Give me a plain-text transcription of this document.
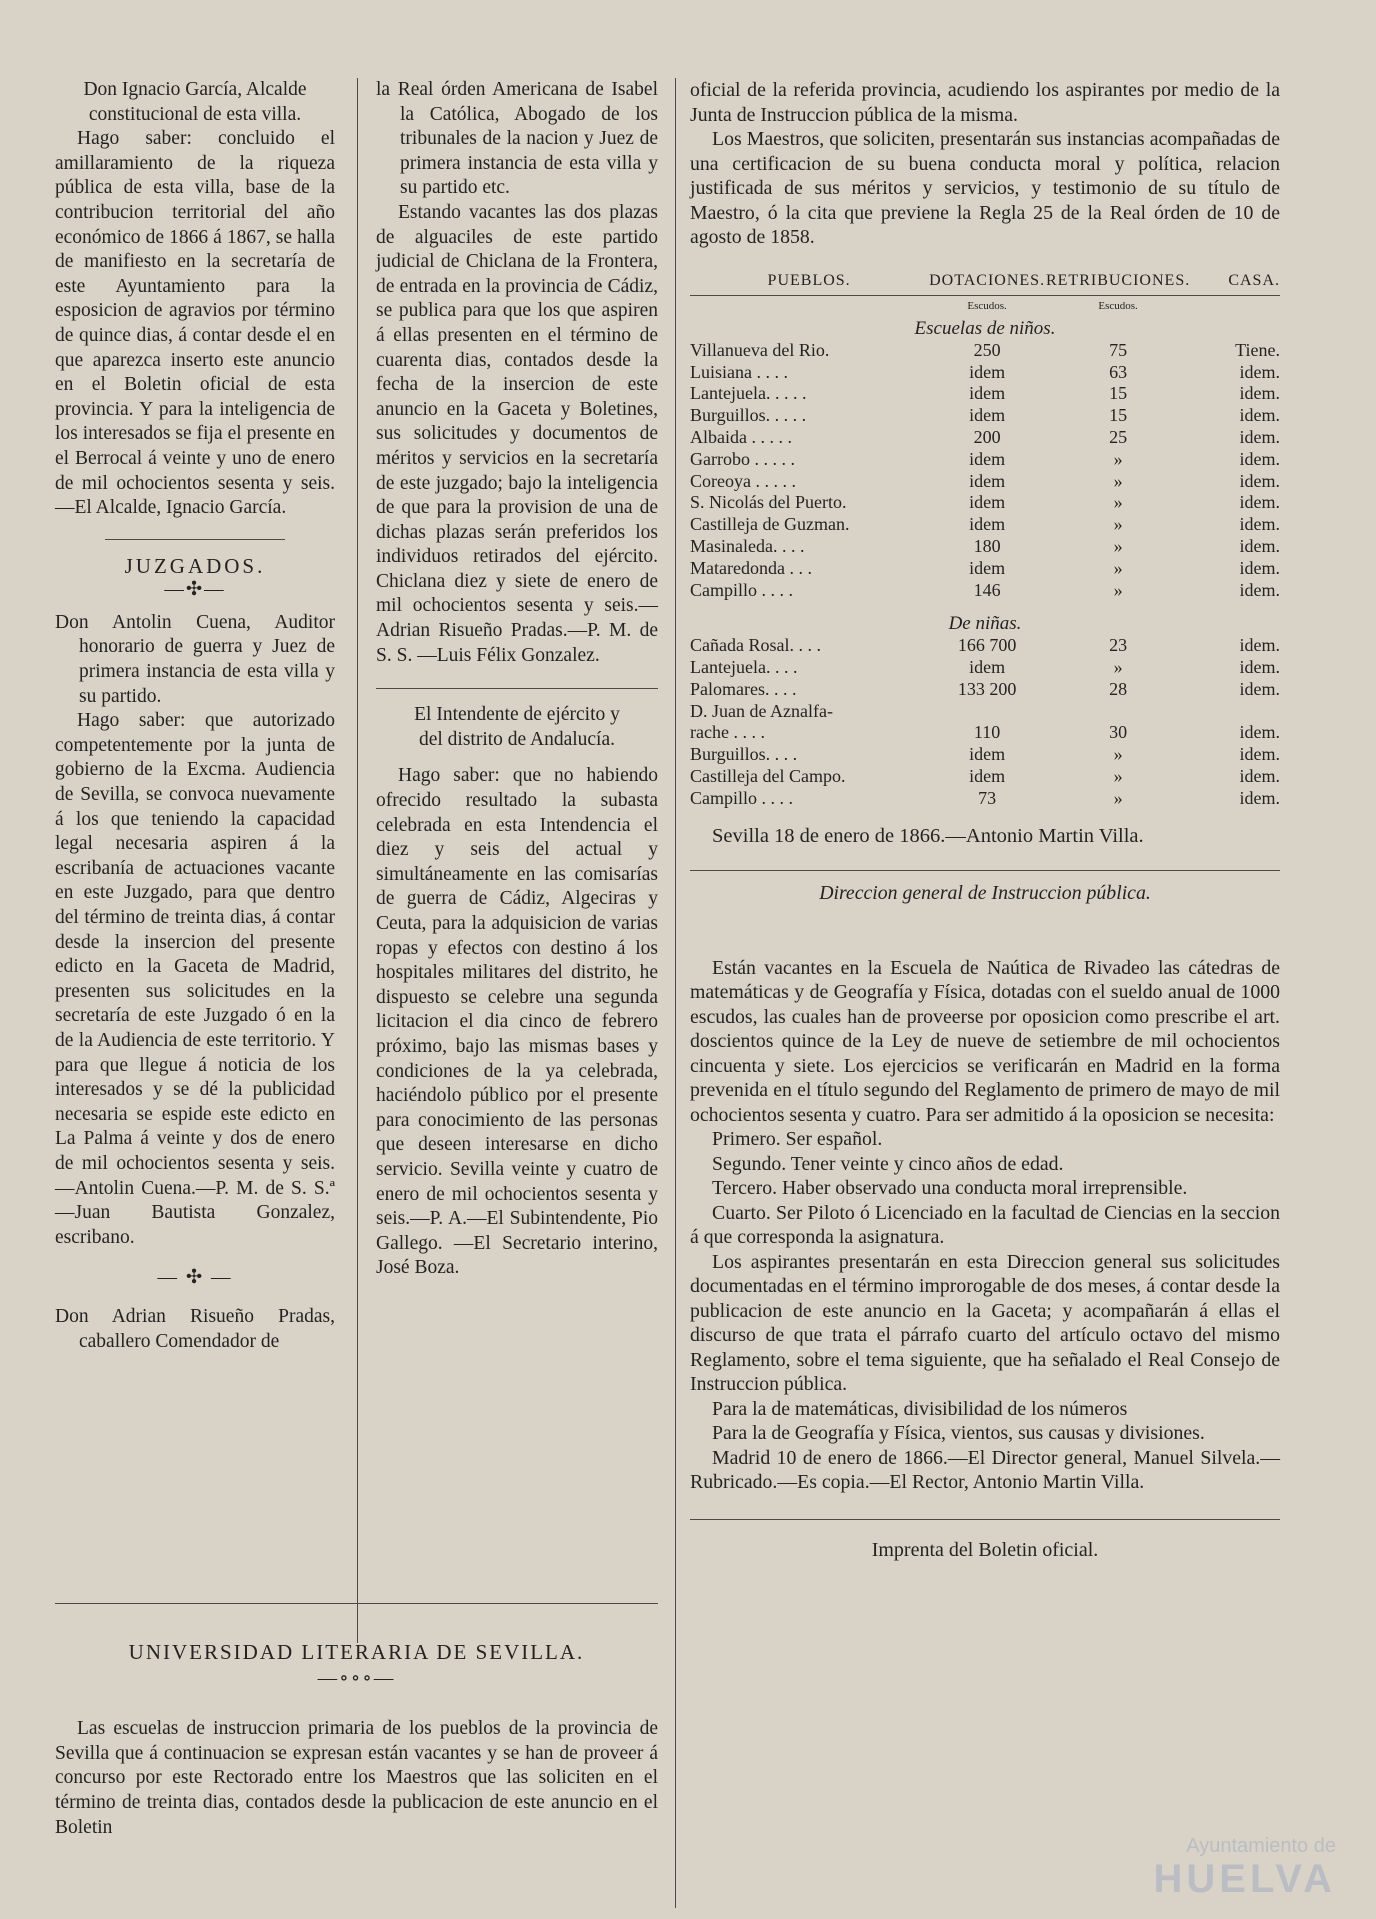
Don Ignacio García, Alcalde

constitucional de esta villa.

Hago saber: concluido el amillaramiento de la riqueza pública de esta villa, base de la contribucion territorial del año económico de 1866 á 1867, se halla de manifiesto en la secretaría de este Ayuntamiento para la esposicion de agravios por término de quince dias, á contar desde el en que aparezca inserto este anuncio en el Boletin oficial de esta provincia. Y para la inteligencia de los interesados se fija el presente en el Berrocal á veinte y uno de enero de mil ochocientos sesenta y seis.—El Alcalde, Ignacio García.

JUZGADOS.

—✣—

Don Antolin Cuena, Auditor honorario de guerra y Juez de primera instancia de esta villa y su partido.

Hago saber: que autorizado competentemente por la junta de gobierno de la Excma. Audiencia de Sevilla, se convoca nuevamente á los que teniendo la capacidad legal necesaria aspiren á la escribanía de actuaciones vacante en este Juzgado, para que dentro del término de treinta dias, á contar desde la insercion del presente edicto en la Gaceta de Madrid, presenten sus solicitudes en la secretaría de este Juzgado ó en la de la Audiencia de este territorio. Y para que llegue á noticia de los interesados y se dé la publicidad necesaria se espide este edicto en La Palma á veinte y dos de enero de mil ochocientos sesenta y seis.—Antolin Cuena.—P. M. de S. S.ª—Juan Bautista Gonzalez, escribano.

— ✣ —

Don Adrian Risueño Pradas, caballero Comendador de

la Real órden Americana de Isabel la Católica, Abogado de los tribunales de la nacion y Juez de primera instancia de esta villa y su partido etc.

Estando vacantes las dos plazas de alguaciles de este partido judicial de Chiclana de la Frontera, de entrada en la provincia de Cádiz, se publica para que los que aspiren á ellas presenten en el término de cuarenta dias, contados desde la fecha de la insercion de este anuncio en la Gaceta y Boletines, sus solicitudes y documentos de méritos y servicios en la secretaría de este juzgado; bajo la inteligencia de que para la provision de una de dichas plazas serán preferidos los individuos retirados del ejército. Chiclana diez y siete de enero de mil ochocientos sesenta y seis.—Adrian Risueño Pradas.—P. M. de S. S. —Luis Félix Gonzalez.

El Intendente de ejército y

del distrito de Andalucía.

Hago saber: que no habiendo ofrecido resultado la subasta celebrada en esta Intendencia el diez y seis del actual y simultáneamente en las comisarías de guerra de Cádiz, Algeciras y Ceuta, para la adquisicion de varias ropas y efectos con destino á los hospitales militares del distrito, he dispuesto se celebre una segunda licitacion el dia cinco de febrero próximo, bajo las mismas bases y condiciones de la ya celebrada, haciéndolo público por el presente para conocimiento de las personas que deseen interesarse en dicho servicio. Sevilla veinte y cuatro de enero de mil ochocientos sesenta y seis.—P. A.—El Subintendente, Pio Gallego. —El Secretario interino, José Boza.

UNIVERSIDAD LITERARIA DE SEVILLA.

—∘∘∘—

Las escuelas de instruccion primaria de los pueblos de la provincia de Sevilla que á continuacion se expresan están vacantes y se han de proveer á concurso por este Rectorado entre los Maestros que las soliciten en el término de treinta dias, contados desde la publicacion de este anuncio en el Boletin

oficial de la referida provincia, acudiendo los aspirantes por medio de la Junta de Instruccion pública de la misma.

Los Maestros, que soliciten, presentarán sus instancias acompañadas de una certificacion de su buena conducta moral y política, relacion justificada de sus méritos y servicios, y testimonio de su título de Maestro, ó la cita que previene la Regla 25 de la Real órden de 10 de agosto de 1858.

PUEBLOS.	DOTACIONES.	RETRIBUCIONES.	CASA.
	Escudos.	Escudos.	
Escuelas de niños.			
Villanueva del Rio.	250	75	Tiene.
Luisiana . . . .	idem	63	idem.
Lantejuela. . . . .	idem	15	idem.
Burguillos. . . . .	idem	15	idem.
Albaida . . . . .	200	25	idem.
Garrobo . . . . .	idem	»	idem.
Coreoya . . . . .	idem	»	idem.
S. Nicolás del Puerto.	idem	»	idem.
Castilleja de Guzman.	idem	»	idem.
Masinaleda. . . .	180	»	idem.
Mataredonda . . .	idem	»	idem.
Campillo . . . .	146	»	idem.
De niñas.			
Cañada Rosal. . . .	166 700	23	idem.
Lantejuela. . . .	idem	»	idem.
Palomares. . . .	133 200	28	idem.
D. Juan de Aznalfa-			
rache . . . .	110	30	idem.
Burguillos. . . .	idem	»	idem.
Castilleja del Campo.	idem	»	idem.
Campillo . . . .	73	»	idem.

Sevilla 18 de enero de 1866.—Antonio Martin Villa.

Direccion general de Instruccion pública.

Están vacantes en la Escuela de Naútica de Rivadeo las cátedras de matemáticas y de Geografía y Física, dotadas con el sueldo anual de 1000 escudos, las cuales han de proveerse por oposicion como prescribe el art. doscientos quince de la Ley de nueve de setiembre de mil ochocientos cincuenta y siete. Los ejercicios se verificarán en Madrid en la forma prevenida en el título segundo del Reglamento de primero de mayo de mil ochocientos sesenta y cuatro. Para ser admitido á la oposicion se necesita:

Primero. Ser español.

Segundo. Tener veinte y cinco años de edad.

Tercero. Haber observado una conducta moral irreprensible.

Cuarto. Ser Piloto ó Licenciado en la facultad de Ciencias en la seccion á que corresponda la asignatura.

Los aspirantes presentarán en esta Direccion general sus solicitudes documentadas en el término improrogable de dos meses, á contar desde la publicacion de este anuncio en la Gaceta; y acompañarán á ellas el discurso de que trata el párrafo cuarto del artículo octavo del mismo Reglamento, sobre el tema siguiente, que ha señalado el Real Consejo de Instruccion pública.

Para la de matemáticas, divisibilidad de los números

Para la de Geografía y Física, vientos, sus causas y divisiones.

Madrid 10 de enero de 1866.—El Director general, Manuel Silvela.—Rubricado.—Es copia.—El Rector, Antonio Martin Villa.

Imprenta del Boletin oficial.

Ayuntamiento de
HUELVA
